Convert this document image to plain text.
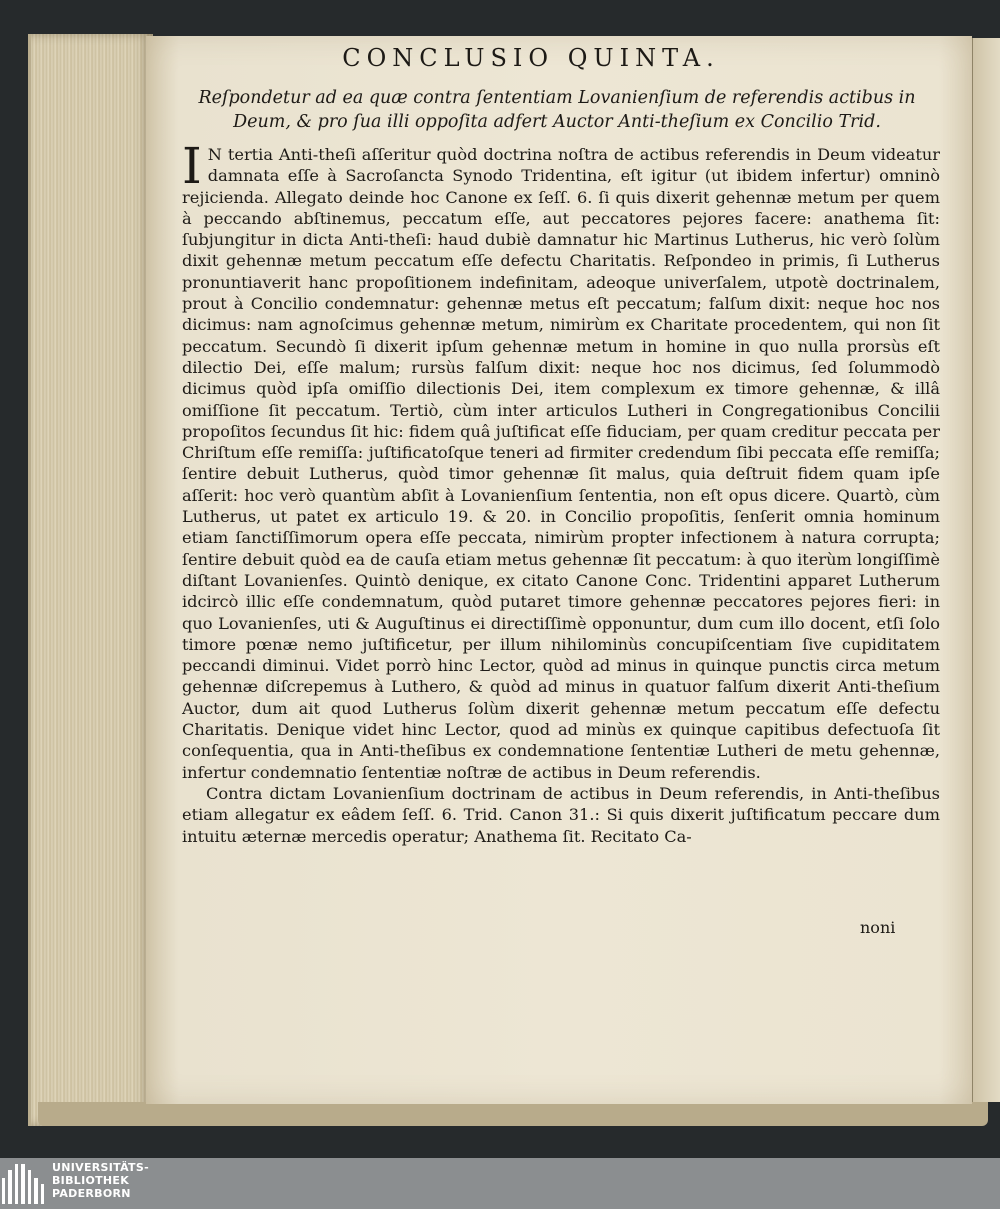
CONCLUSIO QUINTA.
Reſpondetur ad ea quæ contra ſententiam Lovanienſium de referendis actibus in Deum, & pro ſua illi oppoſita adfert Auctor Anti-theſium ex Concilio Trid.

I N tertia Anti-theſi aſſeritur quòd doctrina noſtra de actibus referendis in Deum videatur damnata eſſe à Sacroſancta Synodo Tridentina, eſt igitur (ut ibidem infertur) omninò rejicienda. Allegato deinde hoc Canone ex ſeſſ. 6. ſi quis dixerit gehennæ metum per quem à peccando abſtinemus, peccatum eſſe, aut peccatores pejores facere: anathema ſit: ſubjungitur in dicta Anti-theſi: haud dubiè damnatur hic Martinus Lutherus, hic verò ſolùm dixit gehennæ metum peccatum eſſe defectu Charitatis. Reſpondeo in primis, ſi Lutherus pronuntiaverit hanc propoſitionem indefinitam, adeoque univerſalem, utpotè doctrinalem, prout à Concilio condemnatur: gehennæ metus eſt peccatum; falſum dixit: neque hoc nos dicimus: nam agnoſcimus gehennæ metum, nimirùm ex Charitate procedentem, qui non ſit peccatum. Secundò ſi dixerit ipſum gehennæ metum in homine in quo nulla prorsùs eſt dilectio Dei, eſſe malum; rursùs falſum dixit: neque hoc nos dicimus, ſed ſolummodò dicimus quòd ipſa omiſſio dilectionis Dei, item complexum ex timore gehennæ, & illâ omiſſione ſit peccatum. Tertiò, cùm inter articulos Lutheri in Congregationibus Concilii propoſitos ſecundus ſit hic: fidem quâ juſtificat eſſe fiduciam, per quam creditur peccata per Chriſtum eſſe remiſſa: juſtificatoſque teneri ad firmiter credendum ſibi peccata eſſe remiſſa; ſentire debuit Lutherus, quòd timor gehennæ ſit malus, quia deſtruit fidem quam ipſe aſſerit: hoc verò quantùm abſit à Lovanienſium ſententia, non eſt opus dicere. Quartò, cùm Lutherus, ut patet ex articulo 19. & 20. in Concilio propoſitis, ſenſerit omnia hominum etiam ſanctiſſimorum opera eſſe peccata, nimirùm propter infectionem à natura corrupta; ſentire debuit quòd ea de cauſa etiam metus gehennæ ſit peccatum: à quo iterùm longiſſimè diſtant Lovanienſes. Quintò denique, ex citato Canone Conc. Tridentini apparet Lutherum idcircò illic eſſe condemnatum, quòd putaret timore gehennæ peccatores pejores fieri: in quo Lovanienſes, uti & Auguſtinus ei directiſſimè opponuntur, dum cum illo docent, etſi ſolo timore pœnæ nemo juſtificetur, per illum nihilominùs concupiſcentiam ſive cupiditatem peccandi diminui. Videt porrò hinc Lector, quòd ad minus in quinque punctis circa metum gehennæ diſcrepemus à Luthero, & quòd ad minus in quatuor falſum dixerit Anti-theſium Auctor, dum ait quod Lutherus ſolùm dixerit gehennæ metum peccatum eſſe defectu Charitatis. Denique videt hinc Lector, quod ad minùs ex quinque capitibus defectuoſa ſit conſequentia, qua in Anti-theſibus ex condemnatione ſententiæ Lutheri de metu gehennæ, infertur condemnatio ſententiæ noſtræ de actibus in Deum referendis.

Contra dictam Lovanienſium doctrinam de actibus in Deum referendis, in Anti-theſibus etiam allegatur ex eâdem ſeſſ. 6. Trid. Canon 31.: Si quis dixerit juſtificatum peccare dum intuitu æternæ mercedis operatur; Anathema ſit. Recitato Ca-

noni
UNIVERSITÄTS-
BIBLIOTHEK
PADERBORN
